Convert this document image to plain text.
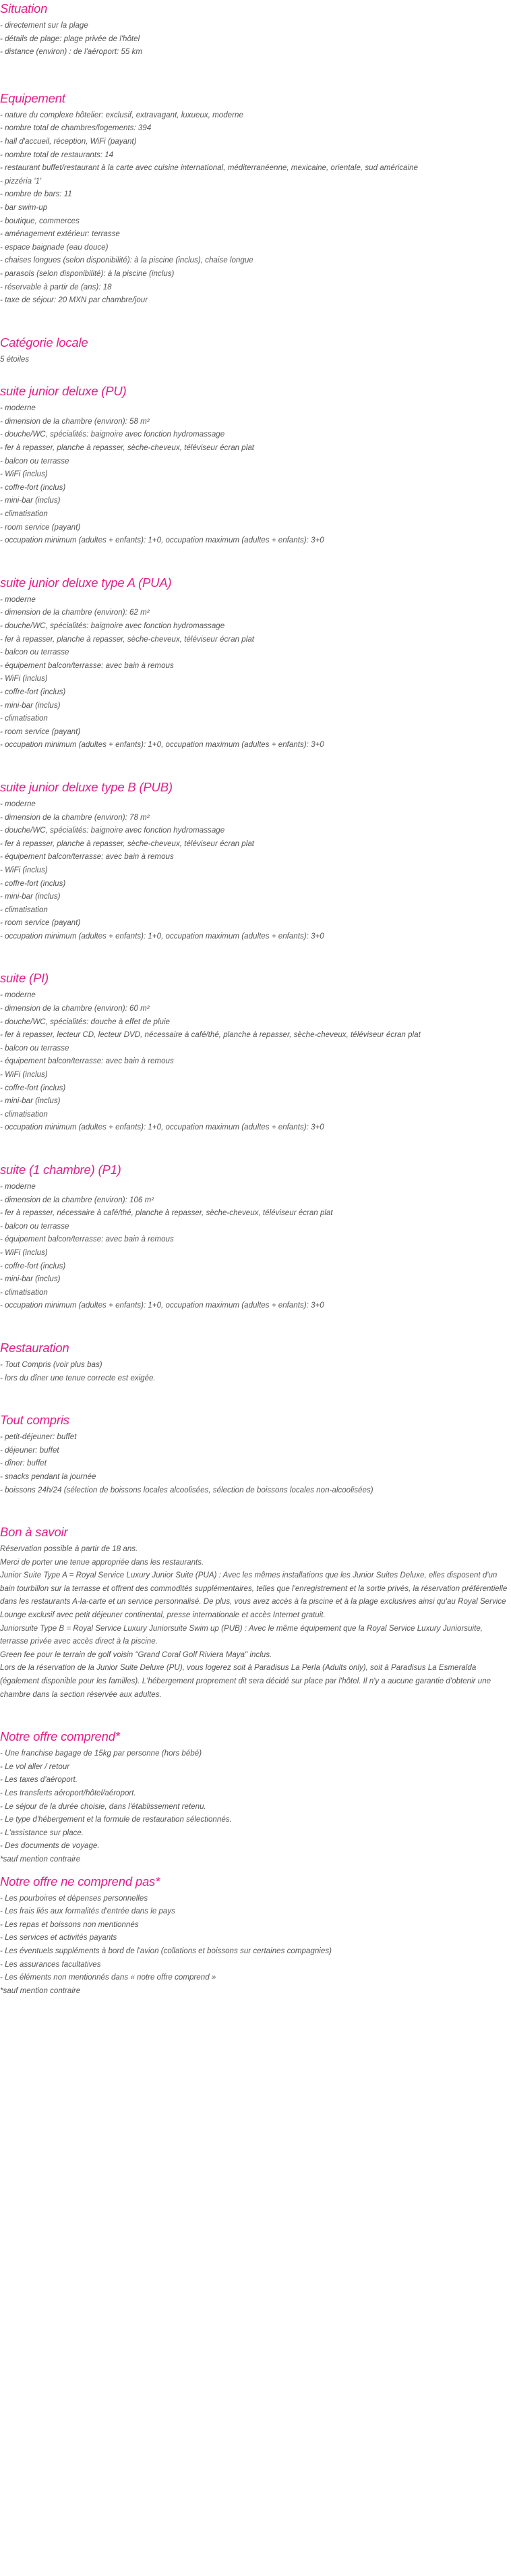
Situation
- directement sur la plage
- détails de plage: plage privée de l'hôtel
- distance (environ) : de l'aéroport: 55 km
Equipement
- nature du complexe hôtelier: exclusif, extravagant, luxueux, moderne
- nombre total de chambres/logements: 394
- hall d'accueil, réception, WiFi (payant)
- nombre total de restaurants: 14
- restaurant buffet/restaurant à la carte avec cuisine international, méditerranéenne, mexicaine, orientale, sud américaine
- pizzéria '1'
- nombre de bars: 11
- bar swim-up
- boutique, commerces
- aménagement extérieur: terrasse
- espace baignade (eau douce)
- chaises longues (selon disponibilité): à la piscine (inclus), chaise longue
- parasols (selon disponibilité): à la piscine (inclus)
- réservable à partir de (ans): 18
- taxe de séjour: 20 MXN par chambre/jour
Catégorie locale
5 étoiles
suite junior deluxe (PU)
- moderne
- dimension de la chambre (environ): 58 m²
- douche/WC, spécialités: baignoire avec fonction hydromassage
- fer à repasser, planche à repasser, sèche-cheveux, téléviseur écran plat
- balcon ou terrasse
- WiFi (inclus)
- coffre-fort (inclus)
- mini-bar (inclus)
- climatisation
- room service (payant)
- occupation minimum (adultes + enfants): 1+0, occupation maximum (adultes + enfants): 3+0
suite junior deluxe type A (PUA)
- moderne
- dimension de la chambre (environ): 62 m²
- douche/WC, spécialités: baignoire avec fonction hydromassage
- fer à repasser, planche à repasser, sèche-cheveux, téléviseur écran plat
- balcon ou terrasse
- équipement balcon/terrasse: avec bain à remous
- WiFi (inclus)
- coffre-fort (inclus)
- mini-bar (inclus)
- climatisation
- room service (payant)
- occupation minimum (adultes + enfants): 1+0, occupation maximum (adultes + enfants): 3+0
suite junior deluxe type B (PUB)
- moderne
- dimension de la chambre (environ): 78 m²
- douche/WC, spécialités: baignoire avec fonction hydromassage
- fer à repasser, planche à repasser, sèche-cheveux, téléviseur écran plat
- équipement balcon/terrasse: avec bain à remous
- WiFi (inclus)
- coffre-fort (inclus)
- mini-bar (inclus)
- climatisation
- room service (payant)
- occupation minimum (adultes + enfants): 1+0, occupation maximum (adultes + enfants): 3+0
suite (PI)
- moderne
- dimension de la chambre (environ): 60 m²
- douche/WC, spécialités: douche à effet de pluie
- fer à repasser, lecteur CD, lecteur DVD, nécessaire à café/thé, planche à repasser, sèche-cheveux, téléviseur écran plat
- balcon ou terrasse
- équipement balcon/terrasse: avec bain à remous
- WiFi (inclus)
- coffre-fort (inclus)
- mini-bar (inclus)
- climatisation
- occupation minimum (adultes + enfants): 1+0, occupation maximum (adultes + enfants): 3+0
suite (1 chambre) (P1)
- moderne
- dimension de la chambre (environ): 106 m²
- fer à repasser, nécessaire à café/thé, planche à repasser, sèche-cheveux, téléviseur écran plat
- balcon ou terrasse
- équipement balcon/terrasse: avec bain à remous
- WiFi (inclus)
- coffre-fort (inclus)
- mini-bar (inclus)
- climatisation
- occupation minimum (adultes + enfants): 1+0, occupation maximum (adultes + enfants): 3+0
Restauration
- Tout Compris (voir plus bas)
- lors du dîner une tenue correcte est exigée.
Tout compris
- petit-déjeuner: buffet
- déjeuner: buffet
- dîner: buffet
- snacks pendant la journée
- boissons 24h/24 (sélection de boissons locales alcoolisées, sélection de boissons locales non-alcoolisées)
Bon à savoir
Réservation possible à partir de 18 ans.
Merci de porter une tenue appropriée dans les restaurants.
Junior Suite Type A = Royal Service Luxury Junior Suite (PUA) : Avec les mêmes installations que les Junior Suites Deluxe, elles disposent d'un bain tourbillon sur la terrasse et offrent des commodités supplémentaires, telles que l'enregistrement et la sortie privés, la réservation préférentielle dans les restaurants A-la-carte et un service personnalisé. De plus, vous avez accès à la piscine et à la plage exclusives ainsi qu'au Royal Service Lounge exclusif avec petit déjeuner continental, presse internationale et accès Internet gratuit.
Juniorsuite Type B = Royal Service Luxury Juniorsuite Swim up (PUB) : Avec le même équipement que la Royal Service Luxury Juniorsuite, terrasse privée avec accès direct à la piscine.
Green fee pour le terrain de golf voisin "Grand Coral Golf Riviera Maya" inclus.
Lors de la réservation de la Junior Suite Deluxe (PU), vous logerez soit à Paradisus La Perla (Adults only), soit à Paradisus La Esmeralda (également disponible pour les familles). L'hébergement proprement dit sera décidé sur place par l'hôtel. Il n'y a aucune garantie d'obtenir une chambre dans la section réservée aux adultes.
Notre offre comprend*
- Une franchise bagage de 15kg par personne (hors bébé)
- Le vol aller / retour
- Les taxes d'aéroport.
- Les transferts aéroport/hôtel/aéroport.
- Le séjour de la durée choisie, dans l'établissement retenu.
- Le type d'hébergement et la formule de restauration sélectionnés.
- L'assistance sur place.
- Des documents de voyage.
*sauf mention contraire
Notre offre ne comprend pas*
- Les pourboires et dépenses personnelles
- Les frais liés aux formalités d'entrée dans le pays
- Les repas et boissons non mentionnés
- Les services et activités payants
- Les éventuels suppléments à bord de l'avion (collations et boissons sur certaines compagnies)
- Les assurances facultatives
- Les éléments non mentionnés dans « notre offre comprend »
*sauf mention contraire
